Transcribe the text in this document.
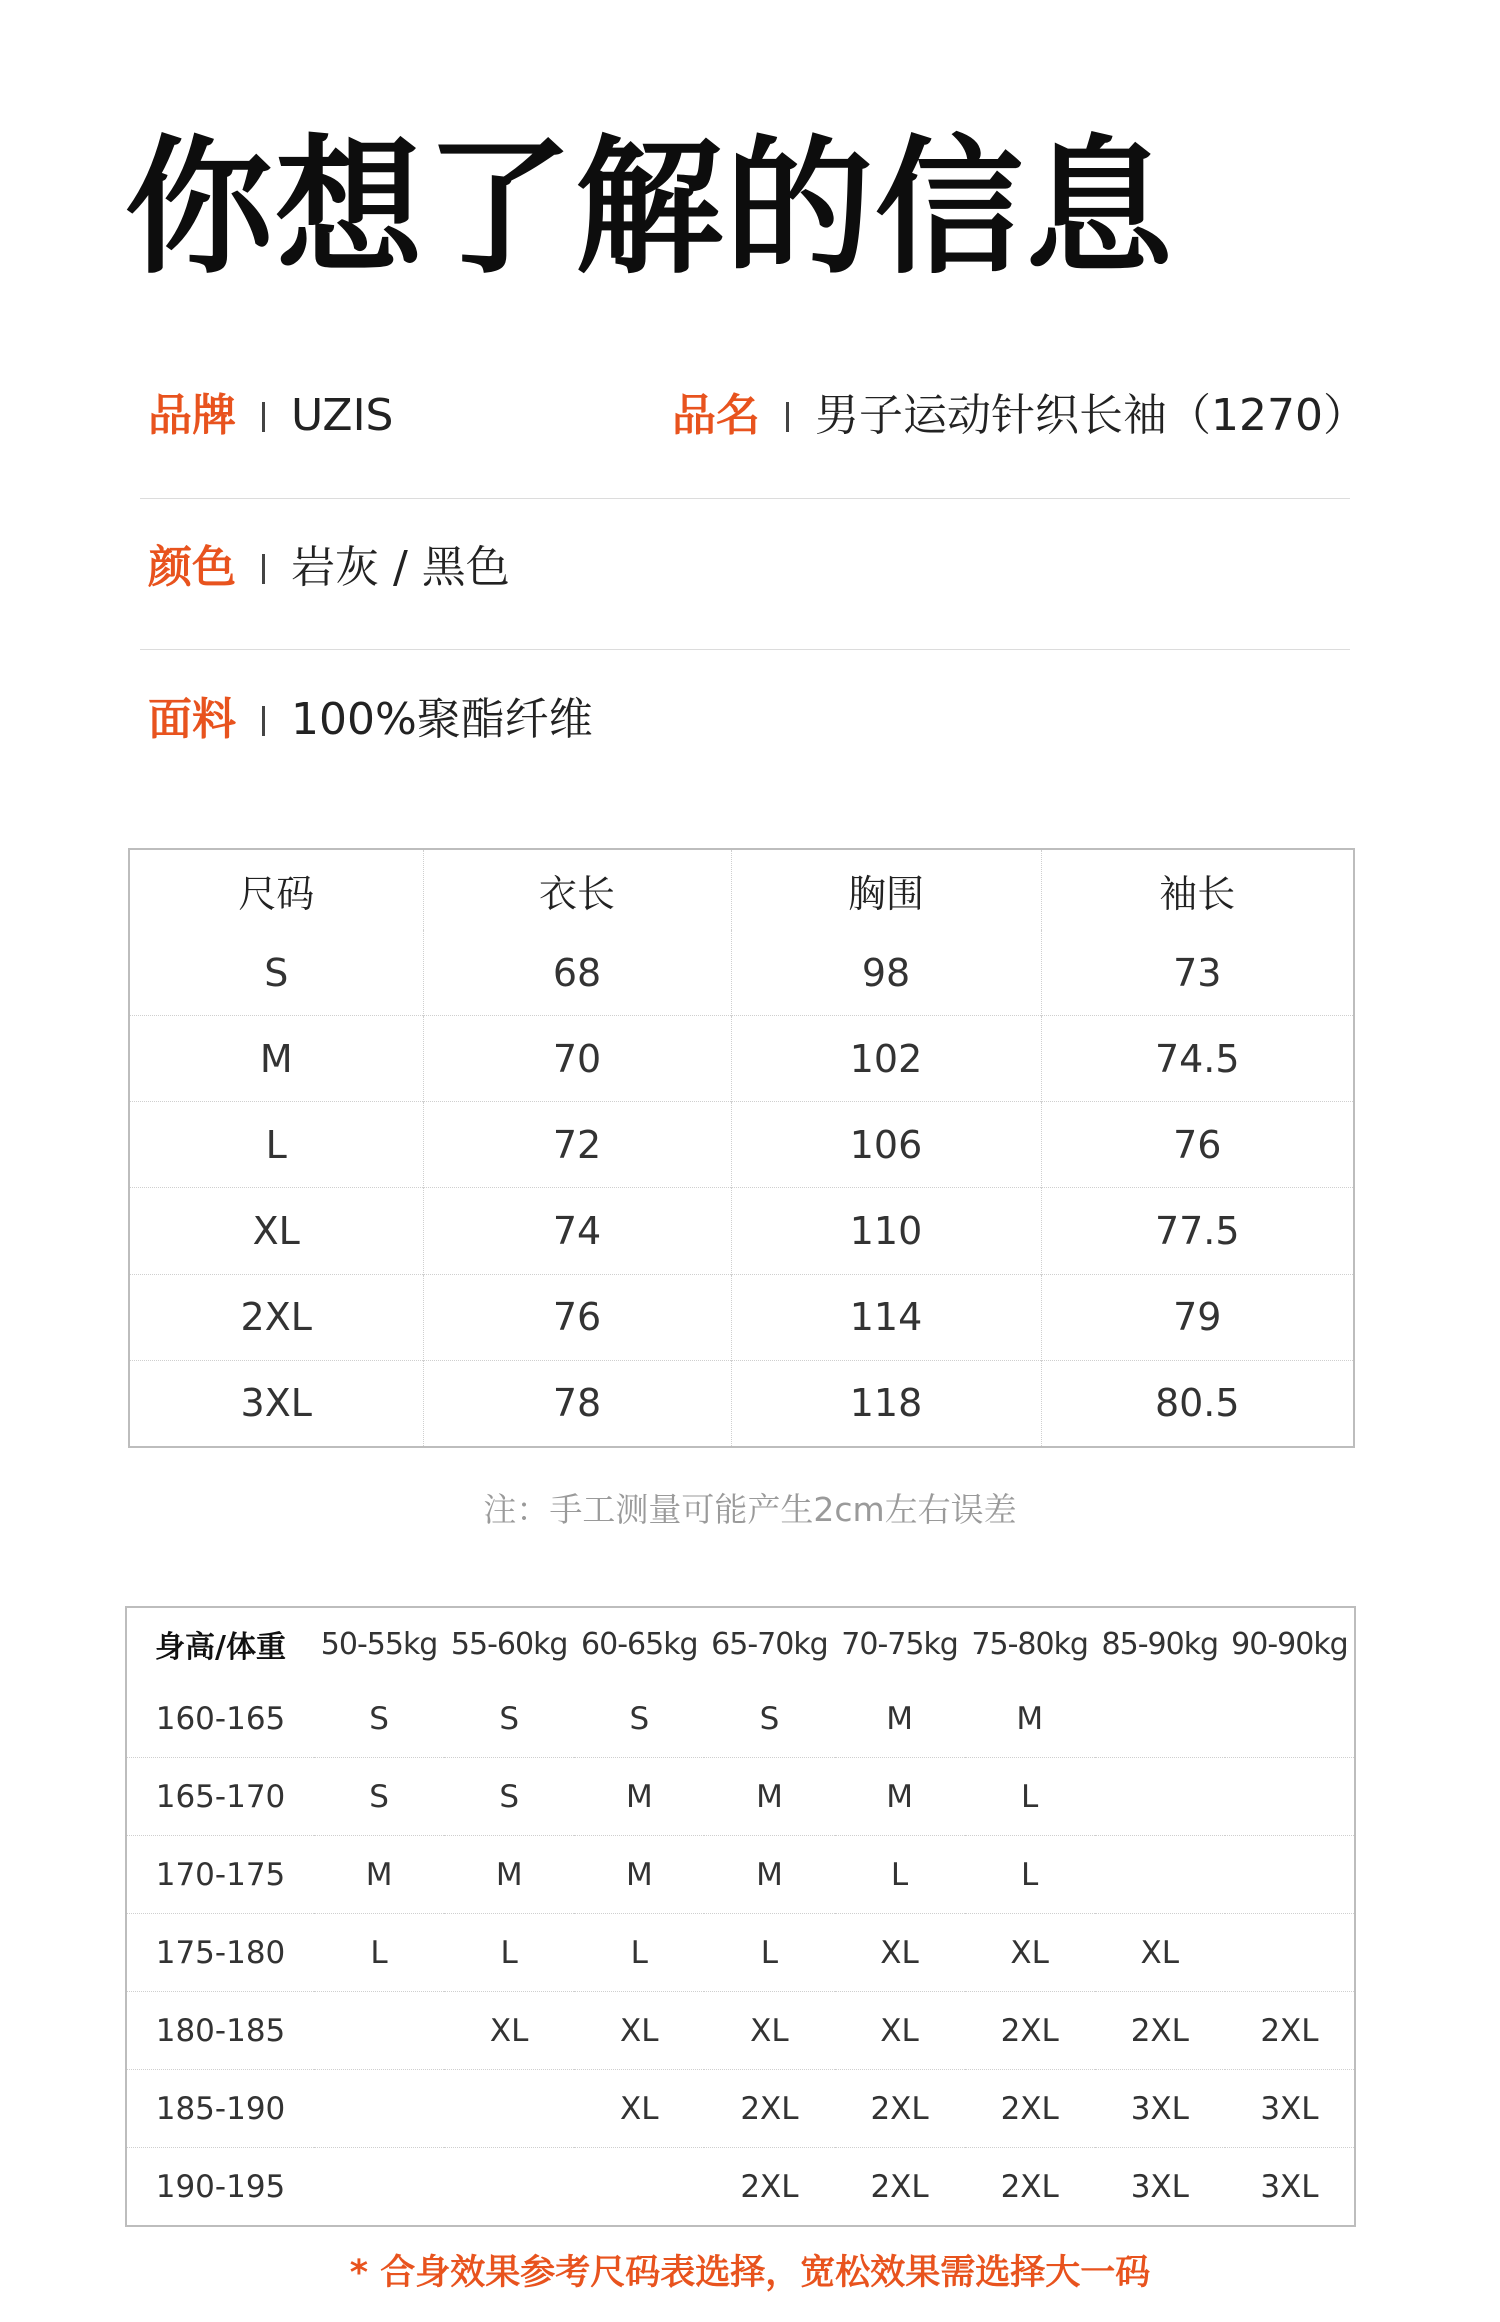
你想了解的信息
品牌 UZIS	品名 男子运动针织长袖（1270）
颜色 岩灰 / 黑色
面料 100%聚酯纤维
尺码	衣长	胸围	袖长
S	68	98	73
M	70	102	74.5
L	72	106	76
XL	74	110	77.5
2XL	76	114	79
3XL	78	118	80.5
注：手工测量可能产生2cm左右误差
身高/体重	50-55kg	55-60kg	60-65kg	65-70kg	70-75kg	75-80kg	85-90kg	90-90kg
160-165	S	S	S	S	M	M		
165-170	S	S	M	M	M	L		
170-175	M	M	M	M	L	L		
175-180	L	L	L	L	XL	XL	XL	
180-185		XL	XL	XL	XL	2XL	2XL	2XL
185-190			XL	2XL	2XL	2XL	3XL	3XL
190-195				2XL	2XL	2XL	3XL	3XL
* 合身效果参考尺码表选择，宽松效果需选择大一码
